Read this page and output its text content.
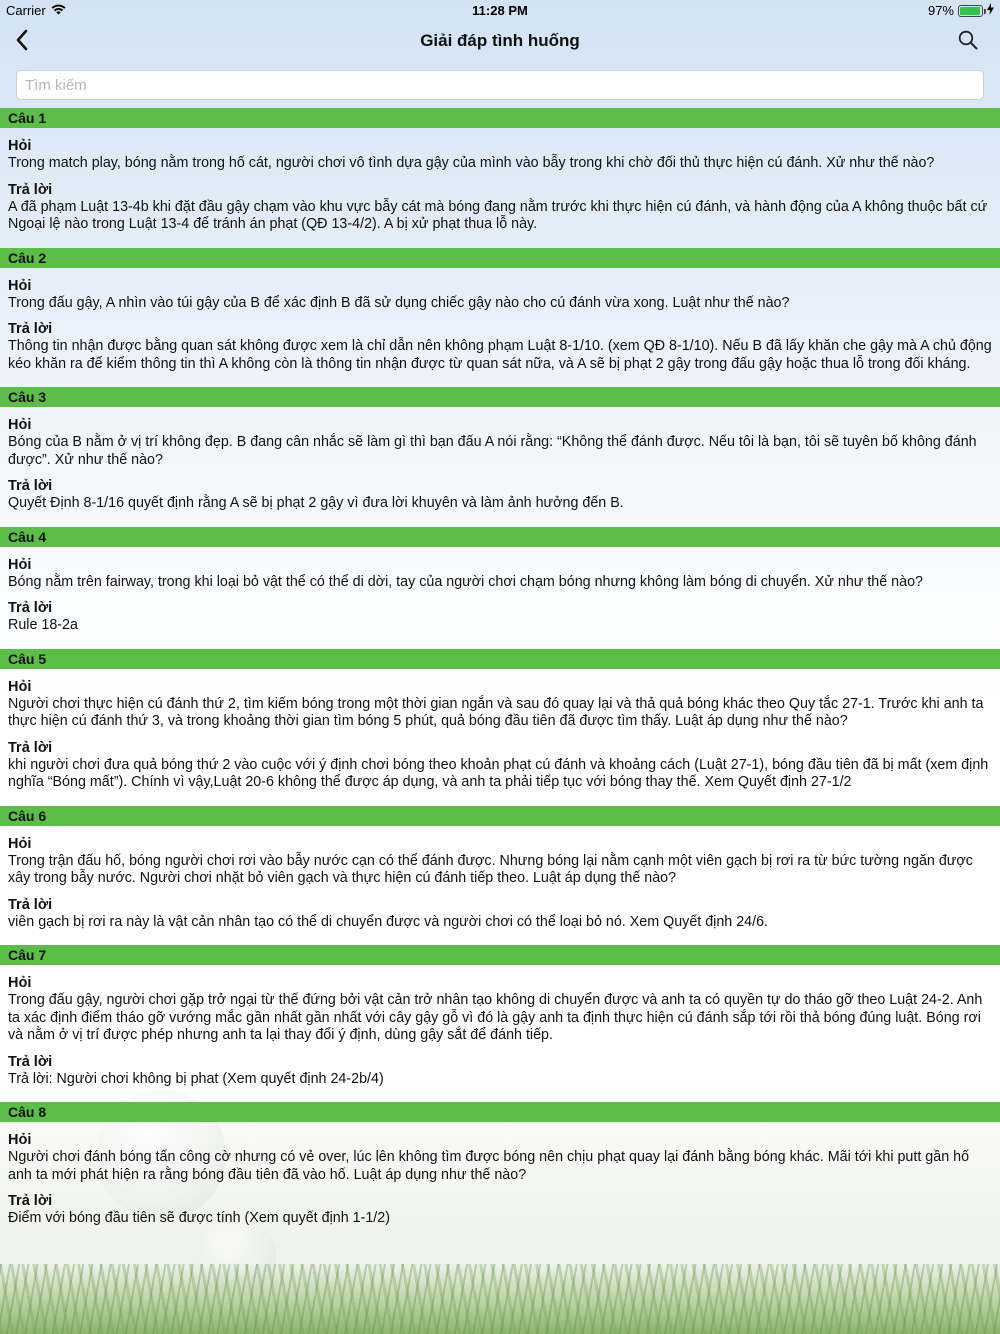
Carrier	11:28 PM	97%
Giải đáp tình huống
Tìm kiếm
Câu 1
Hỏi
Trong match play, bóng nằm trong hố cát, người chơi vô tình dựa gậy của mình vào bẫy trong khi chờ đối thủ thực hiện cú đánh. Xử như thế nào?
Trả lời
A đã phạm Luật 13-4b khi đặt đầu gậy chạm vào khu vực bẫy cát mà bóng đang nằm trước khi thực hiện cú đánh, và hành động của A không thuộc bất cứ Ngoại lệ nào trong Luật 13-4 để tránh án phạt (QĐ 13-4/2). A bị xử phạt thua lỗ này.
Câu 2
Hỏi
Trong đấu gậy, A nhìn vào túi gậy của B để xác định B đã sử dụng chiếc gậy nào cho cú đánh vừa xong. Luật như thế nào?
Trả lời
Thông tin nhận được bằng quan sát không được xem là chỉ dẫn nên không phạm Luật 8-1/10. (xem QĐ 8-1/10). Nếu B đã lấy khăn che gậy mà A chủ động kéo khăn ra để kiểm thông tin thì A không còn là thông tin nhận được từ quan sát nữa, và A sẽ bị phạt 2 gậy trong đấu gậy hoặc thua lỗ trong đối kháng.
Câu 3
Hỏi
Bóng của B nằm ở vị trí không đẹp. B đang cân nhắc sẽ làm gì thì bạn đấu A nói rằng: “Không thể đánh được. Nếu tôi là bạn, tôi sẽ tuyên bố không đánh được”. Xử như thế nào?
Trả lời
Quyết Định 8-1/16 quyết định rằng A sẽ bị phạt 2 gậy vì đưa lời khuyên và làm ảnh hưởng đến B.
Câu 4
Hỏi
Bóng nằm trên fairway, trong khi loại bỏ vật thể có thể di dời, tay của người chơi chạm bóng nhưng không làm bóng di chuyển. Xử như thế nào?
Trả lời
Rule 18-2a
Câu 5
Hỏi
Người chơi thực hiện cú đánh thứ 2, tìm kiếm bóng trong một thời gian ngắn và sau đó quay lại và thả quả bóng khác theo Quy tắc 27-1. Trước khi anh ta thực hiện cú đánh thứ 3, và trong khoảng thời gian tìm bóng 5 phút, quả bóng đầu tiên đã được tìm thấy. Luật áp dụng như thế nào?
Trả lời
khi người chơi đưa quả bóng thứ 2 vào cuộc với ý định chơi bóng theo khoản phạt cú đánh và khoảng cách (Luật 27-1), bóng đầu tiên đã bị mất (xem định nghĩa “Bóng mất”). Chính vì vậy,Luật 20-6 không thể được áp dụng, và anh ta phải tiếp tục với bóng thay thế. Xem Quyết định 27-1/2
Câu 6
Hỏi
Trong trận đấu hố, bóng người chơi rơi vào bẫy nước cạn có thể đánh được. Nhưng bóng lại nằm cạnh một viên gạch bị rơi ra từ bức tường ngăn được xây trong bẫy nước. Người chơi nhặt bỏ viên gạch và thực hiện cú đánh tiếp theo. Luật áp dụng thế nào?
Trả lời
viên gạch bị rơi ra này là vật cản nhân tạo có thể di chuyển được và người chơi có thể loại bỏ nó. Xem Quyết định 24/6.
Câu 7
Hỏi
Trong đấu gậy, người chơi gặp trở ngại từ thế đứng bởi vật cản trở nhân tạo không di chuyển được và anh ta có quyền tự do tháo gỡ theo Luật 24-2. Anh ta xác định điểm tháo gỡ vướng mắc gần nhất gần nhất với cây gậy gỗ vì đó là gậy anh ta định thực hiện cú đánh sắp tới rồi thả bóng đúng luật. Bóng rơi và nằm ở vị trí được phép nhưng anh ta lại thay đổi ý định, dùng gậy sắt để đánh tiếp.
Trả lời
Trả lời: Người chơi không bị phat (Xem quyết định 24-2b/4)
Câu 8
Hỏi
Người chơi đánh bóng tấn công cờ nhưng có vẻ over, lúc lên không tìm được bóng nên chịu phạt quay lại đánh bằng bóng khác. Mãi tới khi putt gần hố anh ta mới phát hiện ra rằng bóng đầu tiên đã vào hố. Luật áp dụng như thế nào?
Trả lời
Điểm với bóng đầu tiên sẽ được tính (Xem quyết định 1-1/2)
